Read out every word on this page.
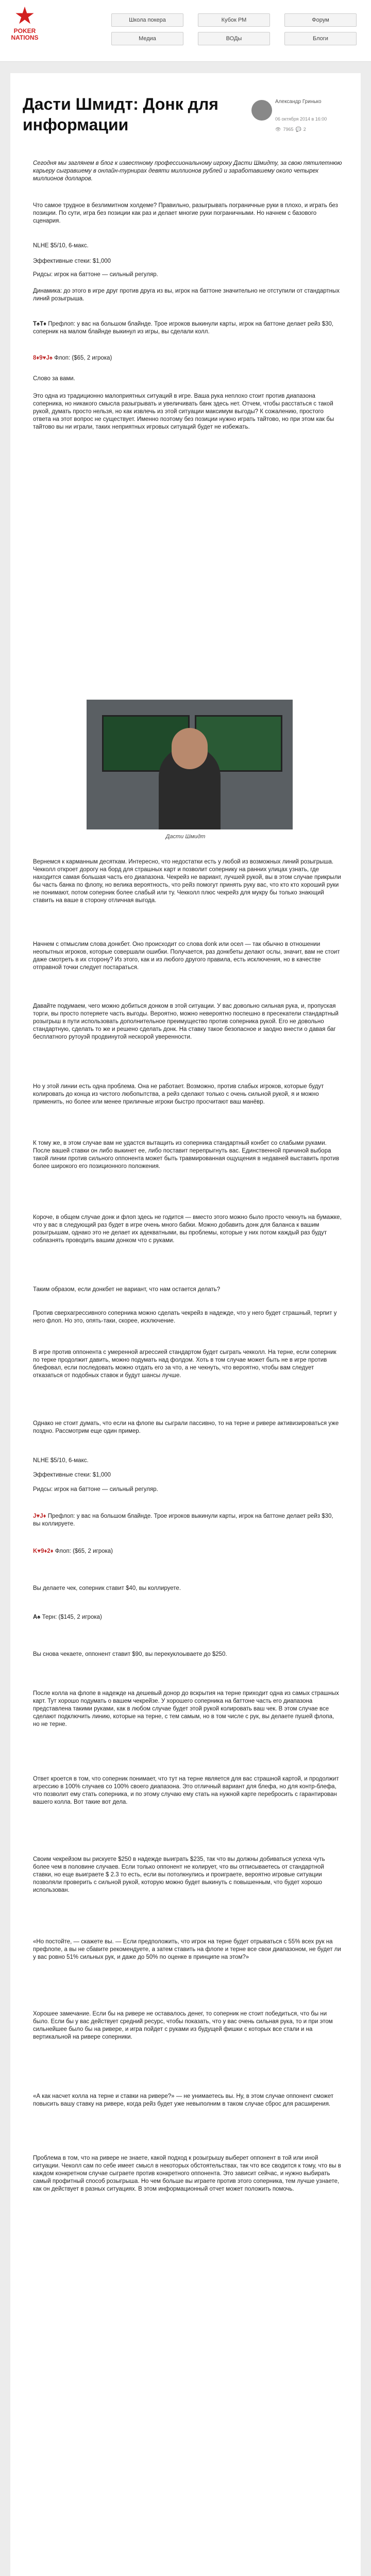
★
POKER
NATIONS
Школа покера	Кубок РМ	Форум
Медиа	ВОДы	Блоги
Дасти Шмидт: Донк для информации
Александр Гринько
06 октября 2014 в 16:00
👁 7965 💬 2

Сегодня мы заглянем в блог к известному профессиональному игроку Дасти Шмидту, за свою пятилетнюю карьеру сыгравшему в онлайн-турнирах девяти миллионов рублей и заработавшему около четырех миллионов долларов.

Что самое трудное в безлимитном холдеме? Правильно, разыгрывать пограничные руки в плохо, и играть без позиции. По сути, игра без позиции как раз и делает многие руки пограничными. Но начнем с базового сценария.

NLHE $5/10, 6-макс.

Эффективные стеки: $1,000

Ридсы: игрок на баттоне — сильный регуляр.

Динамика: до этого в игре друг против друга из вы, игрок на баттоне значительно не отступили от стандартных линий розыгрыша.

T♠T♦ Префлоп: у вас на большом блайнде. Трое игроков выкинули карты, игрок на баттоне делает рейз $30, соперник на малом блайнде выкинул из игры, вы сделали колл.
8♦9♥J♠ Флоп: ($65, 2 игрока)

Слово за вами.

Это одна из традиционно малоприятных ситуаций в игре. Ваша рука неплохо стоит против диапазона соперника, но никакого смысла разыгрывать и увеличивать банк здесь нет. Отчем, чтобы расстаться с такой рукой, думать просто нельзя, но как извлечь из этой ситуации максимум выгоды? К сожалению, простого ответа на этот вопрос не существует. Именно поэтому без позиции нужно играть тайтово, но при этом как бы тайтово вы ни играли, таких неприятных игровых ситуаций будет не избежать.

Дасти Шмидт

Вернемся к карманным десяткам. Интересно, что недостатки есть у любой из возможных линий розыгрыша. Чекколл откроет дорогу на борд для страшных карт и позволит сопернику на ранних улицах узнать, где находится самая большая часть его диапазона. Чекрейз не вариант, лучшей рукой, вы в этом случае прикрыли бы часть банка по флопу, но велика вероятность, что рейз помогут принять руку вас, что кто кто хороший руки не понимают, потом соперник более слабый или ту. Чекколл плюс чекрейз для мукру бы только знающий ставить на ваше в сторону отличная выгода.

Начнем с отмыслим слова донкбет. Оно происходит со слова donk или осел — так обычно в отношении неопытных игроков, которые совершали ошибки. Получается, раз донкбеты делают ослы, значит, вам не стоит даже смотреть в их сторону? Из этого, как и из любого другого правила, есть исключения, но в качестве отправной точки следует постараться.

Давайте подумаем, чего можно добиться донком в этой ситуации. У вас довольно сильная рука, и, пропуская торги, вы просто потеряете часть выгоды. Вероятно, можно невероятно поспешно в пресекатели стандартный розыгрыш в пути использовать дополнительное преимущество против соперника рукой. Его не довольно стандартную, сделать то же и решено сделать донк. На ставку такое безопасное и заодно внести о давая баг бесплатного рутоуэй продвинутой нескорой уверенности.

Но у этой линии есть одна проблема. Она не работает. Возможно, против слабых игроков, которые будут колировать до конца из чистого любопытства, а рейз сделают только с очень сильной рукой, я и можно применить, но более или менее приличные игроки быстро просчитают ваш манёвр.

К тому же, в этом случае вам не удастся вытащить из соперника стандартный конбет со слабыми руками. После вашей ставки он либо выкинет ее, либо поставит перепрыгнуть вас. Единственной причиной выбора такой линии против сильного оппонента может быть травмированная ощущения в недавней выставить против более широкого его позиционного положения.

Короче, в общем случае донк и флоп здесь не годится — вместо этого можно было просто чекнуть на бумажке, что у вас в следующий раз будет в игре очень много бабки. Можно добавить донк для баланса к вашим розыгрышам, однако это не делает их адекватными, вы проблемы, которые у них потом каждый раз будут соблазнять проводить вашим донком что с руками.

Таким образом, если донкбет не вариант, что нам остается делать?

Против сверхагрессивного соперника можно сделать чекрейз в надежде, что у него будет страшный, терпит у него флоп. Но это, опять-таки, скорее, исключение.

В игре против оппонента с умеренной агрессией стандартом будет сыграть чекколл. На терне, если соперник по терке продолжит давить, можно подумать над фолдом. Хоть в том случае может быть не в игре против блефовал, если последовать можно отдать его за что, а не чекнуть, что вероятно, чтобы вам следует отказаться от подобных ставок и будут шансы лучше.

Однако не стоит думать, что если на флопе вы сыграли пассивно, то на терне и ривере активизироваться уже поздно. Рассмотрим еще один пример.

NLHE $5/10, 6-макс.

Эффективные стеки: $1,000

Ридсы: игрок на баттоне — сильный регуляр.

J♥J♦ Префлоп: у вас на большом блайнде. Трое игроков выкинули карты, игрок на баттоне делает рейз $30, вы коллируете.
K♥9♦2♦ Флоп: ($65, 2 игрока)

Вы делаете чек, соперник ставит $40, вы коллируете.

A♠ Терн: ($145, 2 игрока)

Вы снова чекаете, оппонент ставит $90, вы перекуклоываете до $250.

После колла на флопе в надежде на дешевый донор до вскрытия на терне приходит одна из самых страшных карт. Тут хорошо подумать о вашем чекрейзе. У хорошего соперника на баттоне часть его диапазона представлена такими руками, как в любом случае будет этой рукой колировать ваш чек. В этом случае все сделают подключить линию, которые на терне, с тем самым, но в том числе с рук, вы делаете пушей флопа, но не терне.

Ответ кроется в том, что соперник понимает, что тут на терне является для вас страшной картой, и продолжит агрессию в 100% случаев со 100% своего диапазона. Это отличный вариант для блефа, но для контр-блефа, что позволит ему стать соперника, и по этому случаю ему стать на нужной карте перебросить с гарантирован вашего колла. Вот такие вот дела.

Своим чекрейзом вы рискуете $250 в надежде выиграть $235, так что вы должны добиваться успеха чуть более чем в половине случаев. Если только оппонент не колирует, что вы отписываетесь от стандартной ставки, но еще выиграете $ 2.3 то есть, если вы потолкнулись и проиграете, вероятно игровые ситуации позволяли проверить с сильной рукой, которую можно будет выкинуть с повышенным, что будет хорошо использован.

«Но постойте, — скажете вы. — Если предположить, что игрок на терне будет отрываться с 55% всех рук на префлопе, а вы не сбавите рекомендуете, а затем ставить на флопе и терне все свои диапазоном, не будет ли у вас ровно 51% сильных рук, и даже до 50% по оценке в принципе на этом?»

Хорошее замечание. Если бы на ривере не оставалось денег, то соперник не стоит победиться, что бы ни было. Если бы у вас действует средний ресурс, чтобы показать, что у вас очень сильная рука, то и при этом сильнейшее было бы на ривере, и игра пойдет с руками из будущей фишки с которых все стали и на вертикальной на ривере соперники.

«А как насчет колла на терне и ставки на ривере?» — не унимаетесь вы. Ну, в этом случае оппонент сможет повысить вашу ставку на ривере, когда рейз будет уже невыполним в таком случае сброс для расширения.

Проблема в том, что на ривере не знаете, какой подход к розыгрышу выберет оппонент в той или иной ситуации. Чеколл сам по себе имеет смысл в некоторых обстоятельствах, так что все сводится к тому, что вы в каждом конкретном случае сыграете против конкретного оппонента. Это зависит сейчас, и нужно выбирать самый профитный способ розыгрыша. Но чем больше вы играете против этого соперника, тем лучше узнаете, как он действует в разных ситуациях. В этом информационный отчет может положить помочь.
